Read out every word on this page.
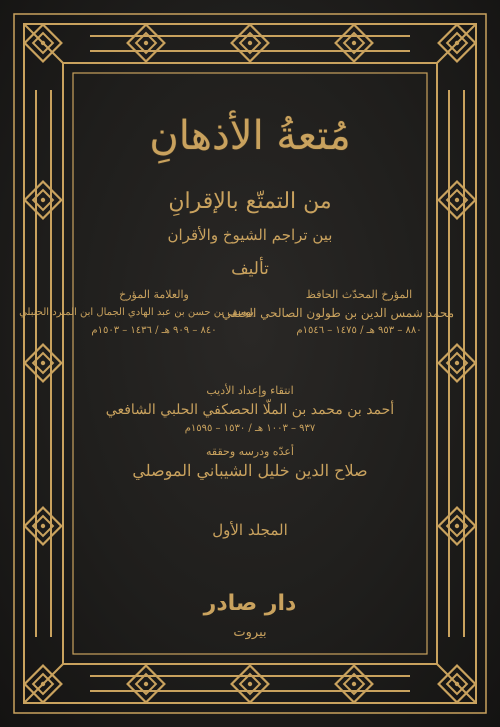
مُتعةُ الأذهانِ
من التمتّع بالإقرانِ
بين تراجم الشيوخ والأقران
تأليف
المؤرخ المحدّث الحافظ
محمد شمس الدين بن طولون الصالحي الحنفي
٨٨٠ – ٩٥٣ هـ / ١٤٧٥ – ١٥٤٦م
والعلامة المؤرخ
يوسف بن حسن بن عبد الهادي الجمال ابن المبرد الحنبلي
٨٤٠ – ٩٠٩ هـ / ١٤٣٦ – ١٥٠٣م
انتقاء وإعداد الأديب
أحمد بن محمد بن الملّا الحصكفي الحلبي الشافعي
٩٣٧ – ١٠٠٣ هـ / ١٥٣٠ – ١٥٩٥م
أعدّه ودرسه وحققه
صلاح الدين خليل الشيباني الموصلي
المجلد الأول
دار صادر
بيروت
